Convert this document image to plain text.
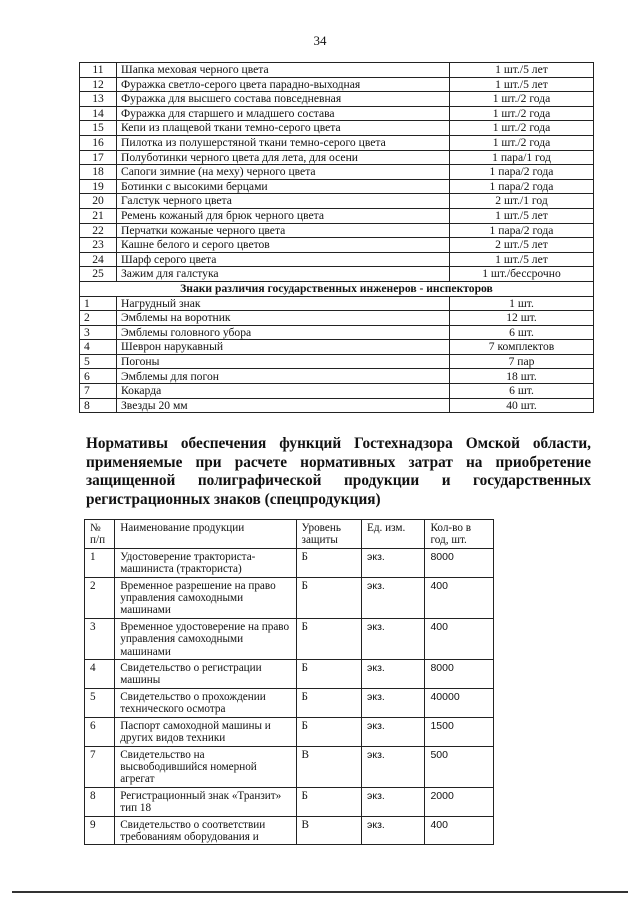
34
11	Шапка меховая черного цвета	1 шт./5 лет
12	Фуражка светло-серого цвета парадно-выходная	1 шт./5 лет
13	Фуражка для высшего состава повседневная	1 шт./2 года
14	Фуражка для старшего и младшего состава	1 шт./2 года
15	Кепи из плащевой ткани темно-серого цвета	1 шт./2 года
16	Пилотка из полушерстяной ткани темно-серого цвета	1 шт./2 года
17	Полуботинки черного цвета для лета, для осени	1 пара/1 год
18	Сапоги зимние (на меху) черного цвета	1 пара/2 года
19	Ботинки с высокими берцами	1 пара/2 года
20	Галстук черного цвета	2 шт./1 год
21	Ремень кожаный для брюк черного цвета	1 шт./5 лет
22	Перчатки кожаные черного цвета	1 пара/2 года
23	Кашне белого и серого цветов	2 шт./5 лет
24	Шарф серого цвета	1 шт./5 лет
25	Зажим для галстука	1 шт./бессрочно
Знаки различия государственных инженеров - инспекторов		
1	Нагрудный знак	1 шт.
2	Эмблемы на воротник	12 шт.
3	Эмблемы головного убора	6 шт.
4	Шеврон нарукавный	7 комплектов
5	Погоны	7 пар
6	Эмблемы для погон	18 шт.
7	Кокарда	6 шт.
8	Звезды 20 мм	40 шт.
Нормативы обеспечения функций Гостехнадзора Омской области,
применяемые при расчете нормативных затрат на приобретение
защищенной полиграфической продукции и государственных
регистрационных знаков (спецпродукция)
№ п/п	Наименование продукции	Уровень защиты	Ед. изм.	Кол-во в год, шт.
1	Удостоверение тракториста-машиниста (тракториста)	Б	экз.	8000
2	Временное разрешение на право управления самоходными машинами	Б	экз.	400
3	Временное удостоверение на право управления самоходными машинами	Б	экз.	400
4	Свидетельство о регистрации машины	Б	экз.	8000
5	Свидетельство о прохождении технического осмотра	Б	экз.	40000
6	Паспорт самоходной машины и других видов техники	Б	экз.	1500
7	Свидетельство на высвободившийся номерной агрегат	В	экз.	500
8	Регистрационный знак «Транзит» тип 18	Б	экз.	2000
9	Свидетельство о соответствии требованиям оборудования и	В	экз.	400
